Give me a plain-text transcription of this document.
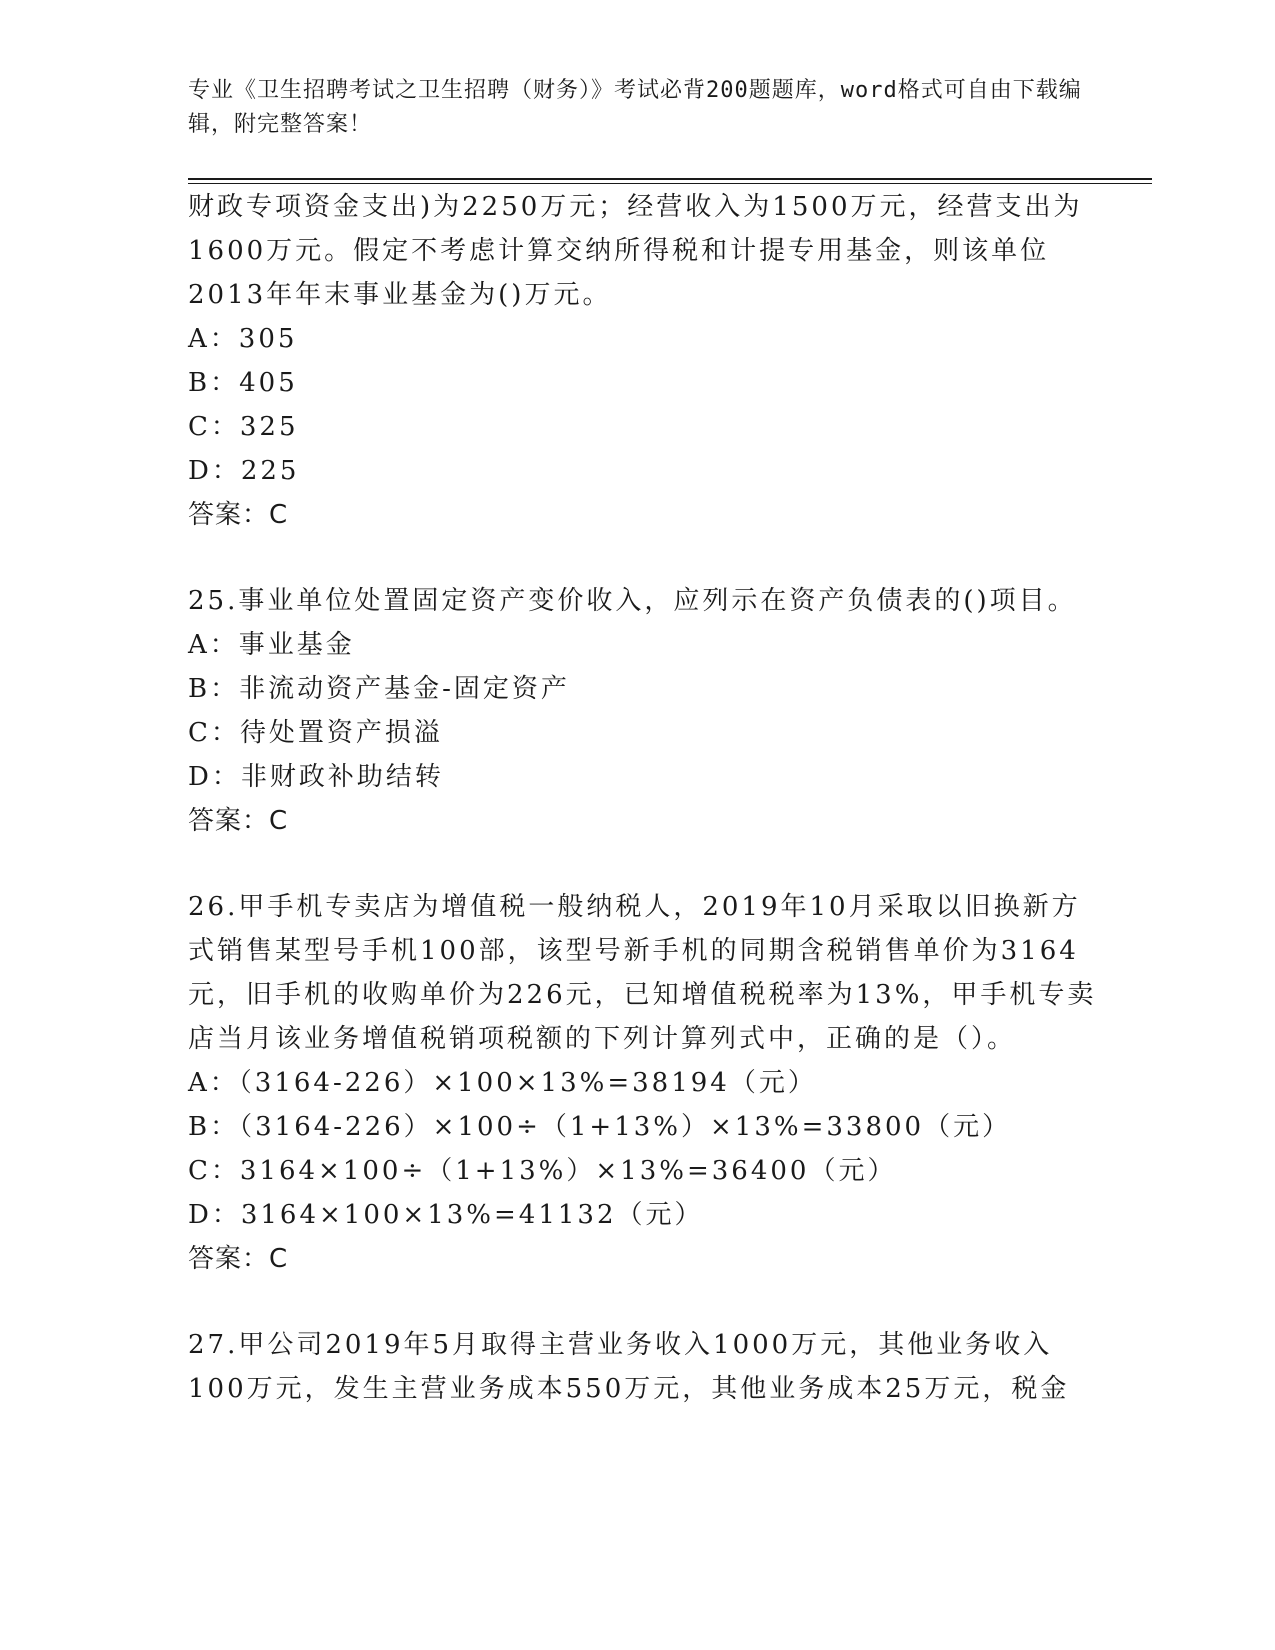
专业《卫生招聘考试之卫生招聘（财务）》考试必背200题题库，word格式可自由下载编辑，附完整答案！
财政专项资金支出)为2250万元；经营收入为1500万元，经营支出为
1600万元。假定不考虑计算交纳所得税和计提专用基金，则该单位
2013年年末事业基金为()万元。
A：305
B：405
C：325
D：225
答案：C
25.事业单位处置固定资产变价收入，应列示在资产负债表的()项目。
A：事业基金
B：非流动资产基金-固定资产
C：待处置资产损溢
D：非财政补助结转
答案：C
26.甲手机专卖店为增值税一般纳税人，2019年10月采取以旧换新方
式销售某型号手机100部，该型号新手机的同期含税销售单价为3164
元，旧手机的收购单价为226元，已知增值税税率为13%，甲手机专卖
店当月该业务增值税销项税额的下列计算列式中，正确的是（）。
A：（3164-226）×100×13%=38194（元）
B：（3164-226）×100÷（1+13%）×13%=33800（元）
C：3164×100÷（1+13%）×13%=36400（元）
D：3164×100×13%=41132（元）
答案：C
27.甲公司2019年5月取得主营业务收入1000万元，其他业务收入
100万元，发生主营业务成本550万元，其他业务成本25万元，税金
